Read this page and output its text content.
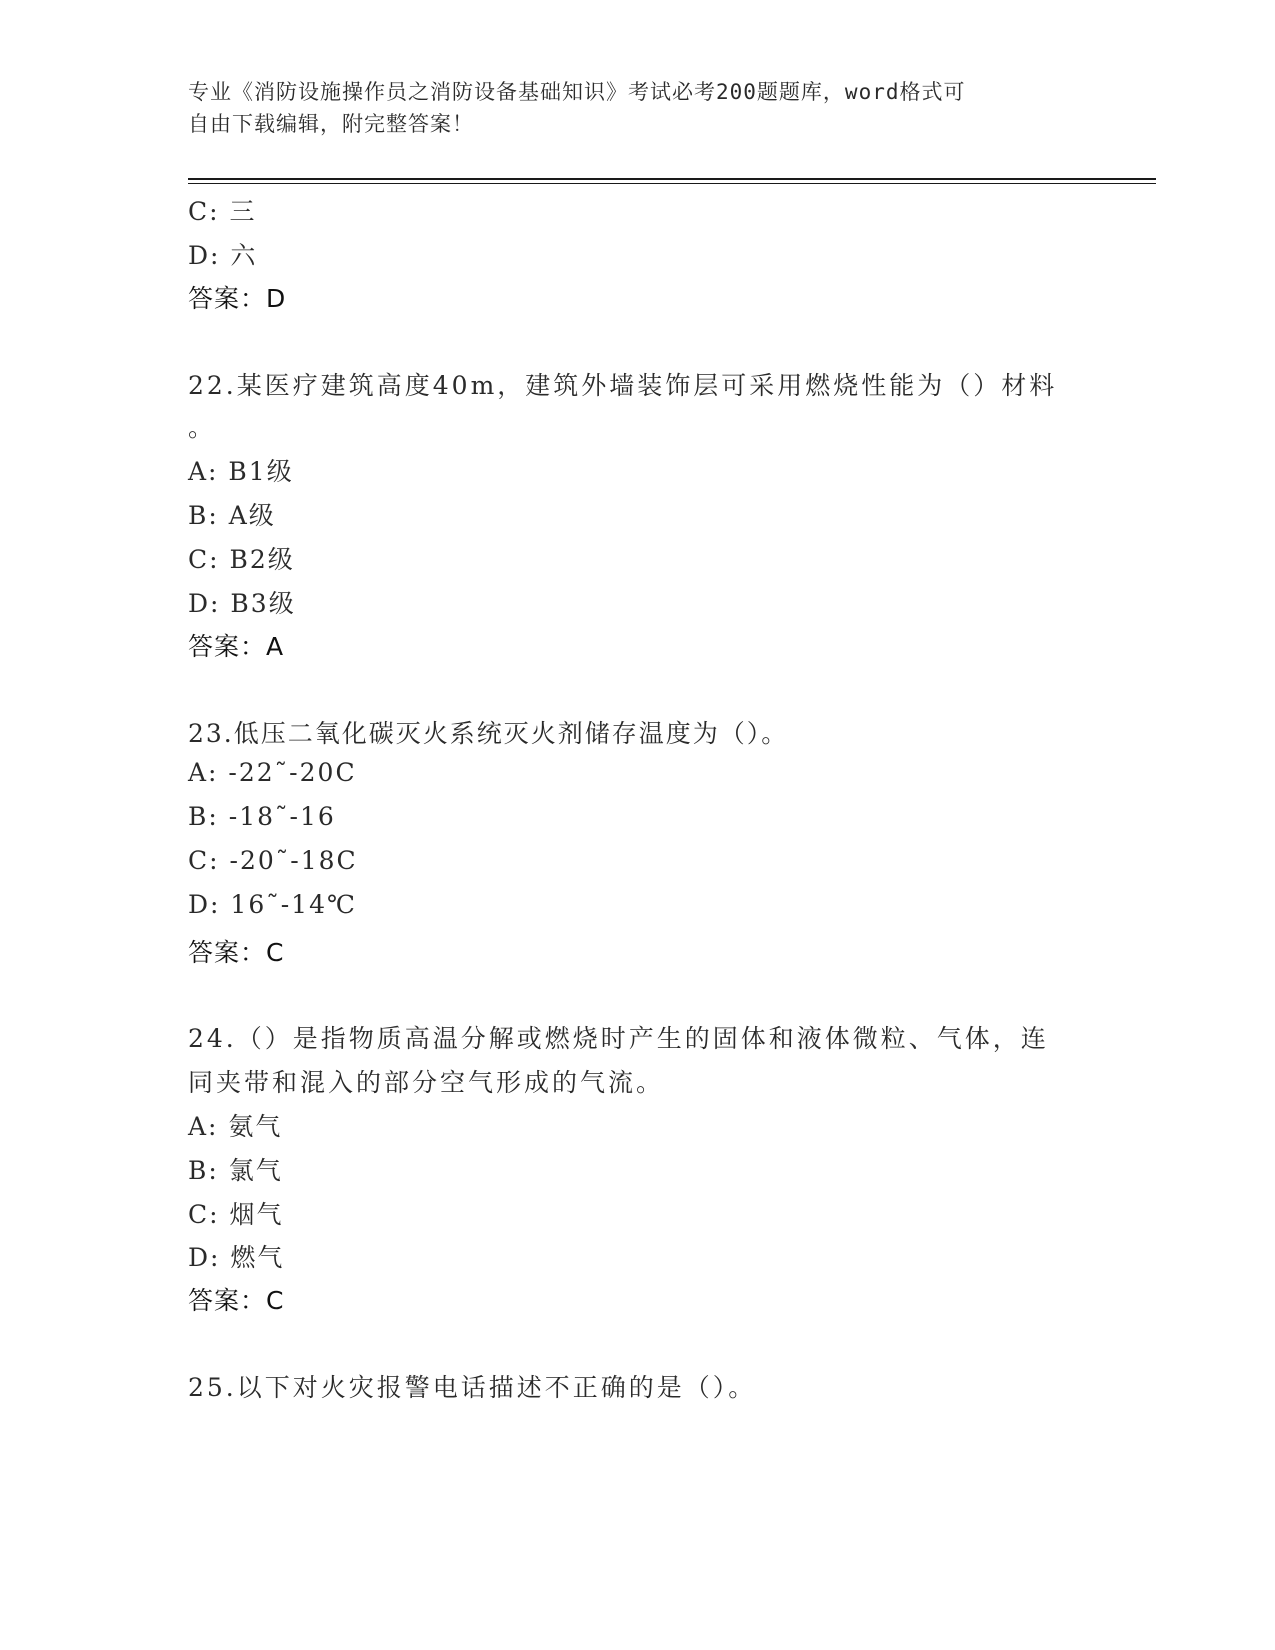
专业《消防设施操作员之消防设备基础知识》考试必考200题题库，word格式可
自由下载编辑，附完整答案！
C: 三
D: 六
答案：D
22.某医疗建筑高度40m，建筑外墙装饰层可采用燃烧性能为（）材料
。
A: B1级
B: A级
C: B2级
D: B3级
答案：A
23.低压二氧化碳灭火系统灭火剂储存温度为（）。
A: -22˜-20C
B: -18˜-16
C: -20˜-18C
D: 16˜-14℃
答案：C
24.（）是指物质高温分解或燃烧时产生的固体和液体微粒、气体，连
同夹带和混入的部分空气形成的气流。
A: 氨气
B: 氯气
C: 烟气
D: 燃气
答案：C
25.以下对火灾报警电话描述不正确的是（）。
